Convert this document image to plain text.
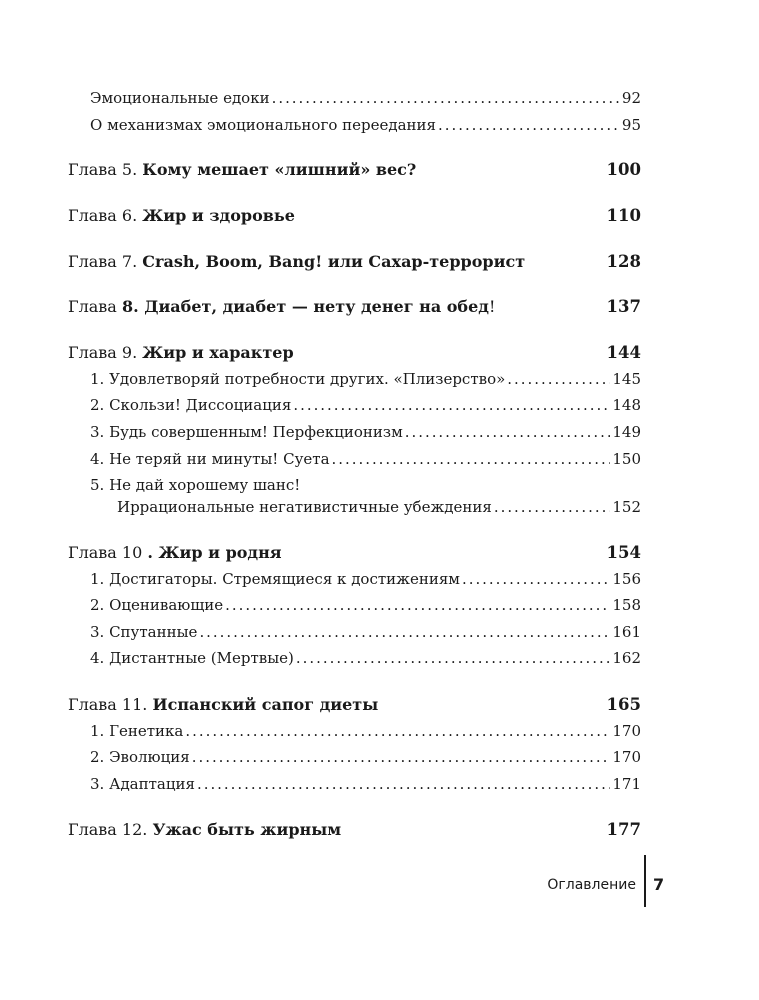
Эмоциональные едоки . . .	92
О механизмах эмоционального переедания . . .	95
Глава 5. Кому мешает «лишний» вес?	100
Глава 6. Жир и здоровье	110
Глава 7. Crash, Boom, Bang! или Сахар-террорист	128
Глава 8. Диабет, диабет — нету денег на обед!	137
Глава 9. Жир и характер	144
1. Удовлетворяй потребности других. «Плизерство» . . .	145
2. Скользи! Диссоциация . . .	148
3. Будь совершенным! Перфекционизм . . .	149
4. Не теряй ни минуты! Суета . . .	150
5. Не дай хорошему шанс!
Иррациональные негативистичные убеждения . . .	152
Глава 10 . Жир и родня	154
1. Достигаторы. Стремящиеся к достижениям . . .	156
2. Оценивающие . . .	158
3. Спутанные . . .	161
4. Дистантные (Мертвые) . . .	162
Глава 11. Испанский сапог диеты	165
1. Генетика . . .	170
2. Эволюция . . .	170
3. Адаптация . . .	171
Глава 12. Ужас быть жирным	177
Оглавление 7
